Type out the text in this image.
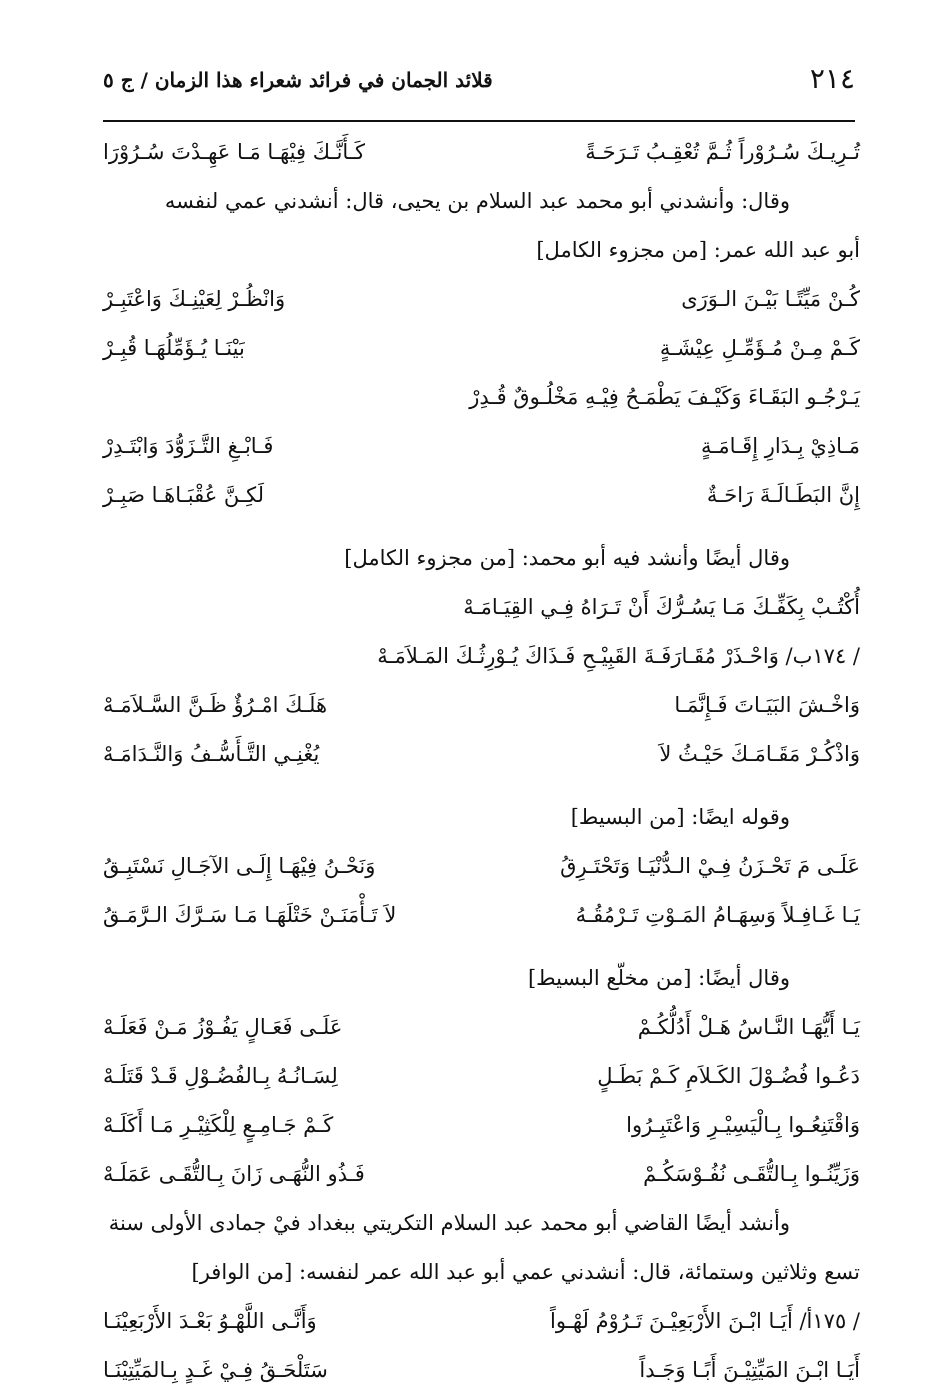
٢١٤
قلائد الجمان في فرائد شعراء هذا الزمان / ج ٥
تُـرِيـكَ سُـرُوْراً ثُـمَّ تُعْقِـبُ تَـرَحَـةً
كَـأَنَّـكَ فِيْهَـا مَـا عَهِـدْتَ سُـرُوْرَا
وقال: وأنشدني أبو محمد عبد السلام بن يحيى، قال: أنشدني عمي لنفسه
أبو عبد الله عمر: [من مجزوء الكامل]
كُـنْ مَيِّتًـا بَيْـنَ الـوَرَى
وَانْظُـرْ لِعَيْنِـكَ وَاعْتَبِـرْ
كَـمْ مِـنْ مُـؤَمِّـلِ عِيْشَـةٍ
بَيْنَـا يُـؤَمِّلُهَـا قُبِـرْ
يَـرْجُـو البَقَـاءَ وَكَيْـفَ يَطْمَـحُ فِيْـهِ مَخْلُـوقٌ قُـدِرْ
مَـاذِيْ بِـدَارِ إِقَـامَـةٍ
فَـابْـغِ التَّـزَوُّدَ وَابْتَـدِرْ
إِنَّ البَطَـالَـةَ رَاحَـةٌ
لَكِـنَّ عُقْبَـاهَـا صَبِـرْ
وقال أيضًا وأنشد فيه أبو محمد: [من مجزوء الكامل]
أُكْتُـبْ بِكَفِّـكَ مَـا يَسُـرُّكَ أَنْ تَـرَاهُ فِـي القِيَـامَـهْ
/ ١٧٤ب/ وَاحْـذَرْ مُقَـارَفَـةَ القَبِيْـحِ فَـذَاكَ يُـوْرِثُـكَ المَـلاَمَـهْ
وَاخْـشَ البَيَـاتَ فَـإِنَّمَـا
هَلَـكَ امْـرُؤٌ ظَـنَّ السَّـلاَمَـهْ
وَاذْكُـرْ مَقَـامَـكَ حَيْـثُ لاَ
يُغْنِـي التَّـأَسُّـفُ وَالنَّـدَامَـهْ
وقوله ايضًا: [من البسيط]
عَلَـى مَ تَحْـزَنُ فِـيْ الـدُّنْيَـا وَتَحْتَـرِقُ
وَنَحْـنُ فِيْهَـا إِلَـى الآجَـالِ نَسْتَبِـقُ
يَـا غَـافِـلاً وَسِهَـامُ المَـوْتِ تَـرْمُقُـهُ
لاَ تَـأْمَنَـنْ خَتْلَهَـا مَـا سَـرَّكَ الـرَّمَـقُ
وقال أيضًا: [من مخلّع البسيط]
يَـا أَيُّهَـا النَّـاسُ هَـلْ أَدُلُّكُـمْ
عَلَـى فَعَـالٍ يَفُـوْزُ مَـنْ فَعَلَـهْ
دَعُـوا فُضُـوْلَ الكَـلاَمِ كَـمْ بَطَـلٍ
لِسَـانُـهُ بِـالفُضُـوْلِ قَـدْ قَتَلَـهْ
وَاقْتَنِعُـوا بِـالْيَسِيْـرِ وَاعْتَبِـرُوا
كَـمْ جَـامِـعٍ لِلْكَثِيْـرِ مَـا أَكَلَـهْ
وَزَيِّنُـوا بِـالتُّقَـى نُفُـوْسَكُـمْ
فَـذُو النُّهَـى زَانَ بِـالتُّقَـى عَمَلَـهْ
وأنشد أيضًا القاضي أبو محمد عبد السلام التكريتي ببغداد فيْ جمادى الأولى سنة
تسع وثلاثين وستمائة، قال: أنشدني عمي أبو عبد الله عمر لنفسه: [من الوافر]
/ ١٧٥أ/ أَيَـا ابْـنَ الأَرْبَعِيْـنَ تَـرُوْمُ لَهْـواً
وَأَنَّـى اللَّهْـوُ بَعْـدَ الأَرْبَعِيْنَـا
أَيَـا ابْـنَ المَيِّتِيْـنَ أَبًـا وَجَـداً
سَتَلْحَـقُ فِـيْ غَـدٍ بِـالمَيِّتِيْنَـا
